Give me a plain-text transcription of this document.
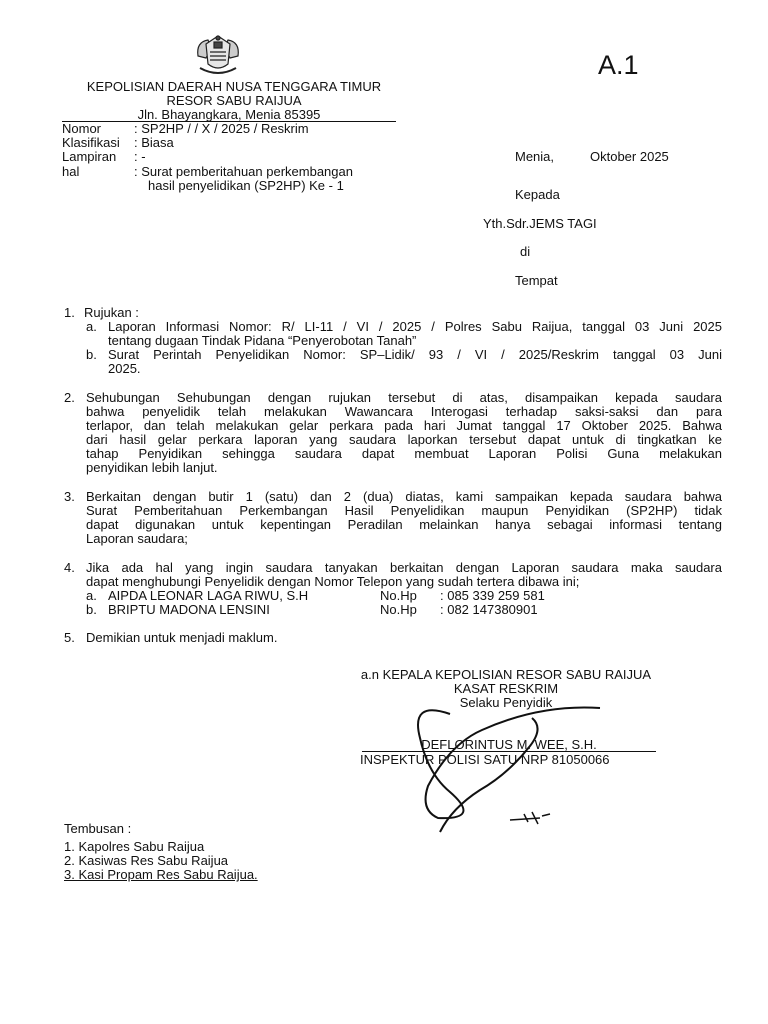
A.1
KEPOLISIAN DAERAH NUSA TENGGARA TIMUR
RESOR SABU RAIJUA
Jln. Bhayangkara, Menia 85395
Nomor	: SP2HP / / X / 2025 / Reskrim
Klasifikasi : Biasa
Lampiran : -
hal	: Surat pemberitahuan perkembangan
hasil penyelidikan (SP2HP) Ke - 1
Menia,	Oktober 2025
Kepada
Yth.Sdr.JEMS TAGI
di
Tempat
1. Rujukan :
a. Laporan Informasi Nomor: R/ LI-11 / VI / 2025 / Polres Sabu Raijua, tanggal 03 Juni 2025
tentang dugaan Tindak Pidana “Penyerobotan Tanah”
b. Surat Perintah Penyelidikan Nomor: SP–Lidik/ 93 / VI / 2025/Reskrim tanggal 03 Juni
2025.
2. Sehubungan Sehubungan dengan rujukan tersebut di atas, disampaikan kepada saudara
bahwa penyelidik telah melakukan Wawancara Interogasi terhadap saksi-saksi dan para
terlapor, dan telah melakukan gelar perkara pada hari Jumat tanggal 17 Oktober 2025. Bahwa
dari hasil gelar perkara laporan yang saudara laporkan tersebut dapat untuk di tingkatkan ke
tahap Penyidikan sehingga saudara dapat membuat Laporan Polisi Guna melakukan
penyidikan lebih lanjut.
3. Berkaitan dengan butir 1 (satu) dan 2 (dua) diatas, kami sampaikan kepada saudara bahwa
Surat Pemberitahuan Perkembangan Hasil Penyelidikan maupun Penyidikan (SP2HP) tidak
dapat digunakan untuk kepentingan Peradilan melainkan hanya sebagai informasi tentang
Laporan saudara;
4. Jika ada hal yang ingin saudara tanyakan berkaitan dengan Laporan saudara maka saudara
dapat menghubungi Penyelidik dengan Nomor Telepon yang sudah tertera dibawa ini;
a. AIPDA LEONAR LAGA RIWU, S.H	No.Hp : 085 339 259 581
b. BRIPTU MADONA LENSINI	No.Hp : 082 147380901
5. Demikian untuk menjadi maklum.
a.n KEPALA KEPOLISIAN RESOR SABU RAIJUA
KASAT RESKRIM
Selaku Penyidik
DEFLORINTUS M. WEE, S.H.
INSPEKTUR POLISI SATU NRP 81050066
Tembusan :
1. Kapolres Sabu Raijua
2. Kasiwas Res Sabu Raijua
3. Kasi Propam Res Sabu Raijua.
